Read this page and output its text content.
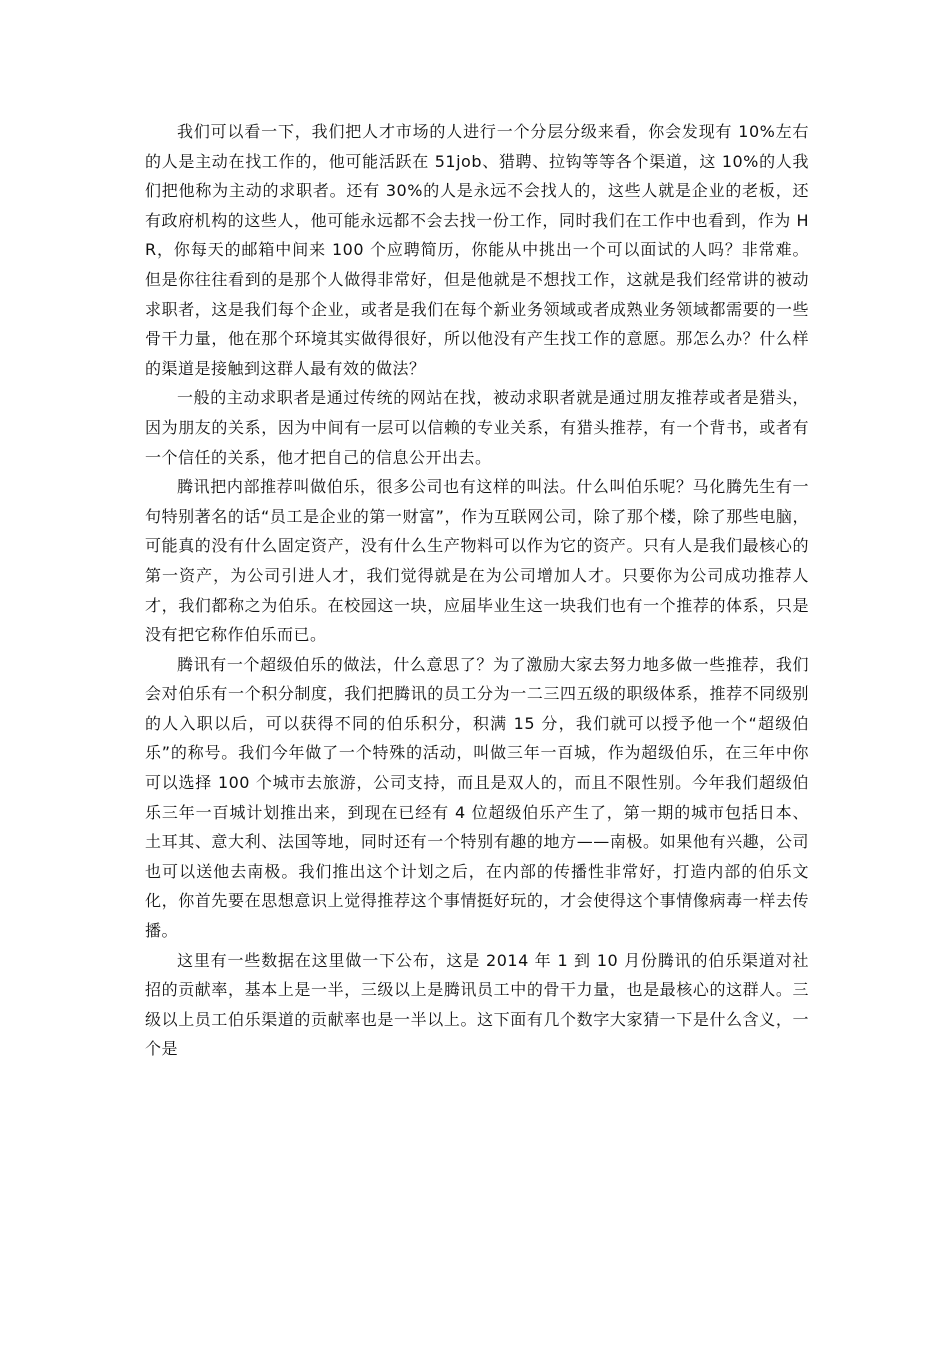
我们可以看一下，我们把人才市场的人进行一个分层分级来看，你会发现有 10%左右的人是主动在找工作的，他可能活跃在 51job、猎聘、拉钩等等各个渠道，这 10%的人我们把他称为主动的求职者。还有 30%的人是永远不会找人的，这些人就是企业的老板，还有政府机构的这些人，他可能永远都不会去找一份工作，同时我们在工作中也看到，作为 HR，你每天的邮箱中间来 100 个应聘简历，你能从中挑出一个可以面试的人吗？非常难。但是你往往看到的是那个人做得非常好，但是他就是不想找工作，这就是我们经常讲的被动求职者，这是我们每个企业，或者是我们在每个新业务领域或者成熟业务领域都需要的一些骨干力量，他在那个环境其实做得很好，所以他没有产生找工作的意愿。那怎么办？什么样的渠道是接触到这群人最有效的做法？

一般的主动求职者是通过传统的网站在找，被动求职者就是通过朋友推荐或者是猎头，因为朋友的关系，因为中间有一层可以信赖的专业关系，有猎头推荐，有一个背书，或者有一个信任的关系，他才把自己的信息公开出去。

腾讯把内部推荐叫做伯乐，很多公司也有这样的叫法。什么叫伯乐呢？马化腾先生有一句特别著名的话“员工是企业的第一财富”，作为互联网公司，除了那个楼，除了那些电脑，可能真的没有什么固定资产，没有什么生产物料可以作为它的资产。只有人是我们最核心的第一资产，为公司引进人才，我们觉得就是在为公司增加人才。只要你为公司成功推荐人才，我们都称之为伯乐。在校园这一块，应届毕业生这一块我们也有一个推荐的体系，只是没有把它称作伯乐而已。

腾讯有一个超级伯乐的做法，什么意思了？为了激励大家去努力地多做一些推荐，我们会对伯乐有一个积分制度，我们把腾讯的员工分为一二三四五级的职级体系，推荐不同级别的人入职以后，可以获得不同的伯乐积分，积满 15 分，我们就可以授予他一个“超级伯乐”的称号。我们今年做了一个特殊的活动，叫做三年一百城，作为超级伯乐，在三年中你可以选择 100 个城市去旅游，公司支持，而且是双人的，而且不限性别。今年我们超级伯乐三年一百城计划推出来，到现在已经有 4 位超级伯乐产生了，第一期的城市包括日本、土耳其、意大利、法国等地，同时还有一个特别有趣的地方——南极。如果他有兴趣，公司也可以送他去南极。我们推出这个计划之后，在内部的传播性非常好，打造内部的伯乐文化，你首先要在思想意识上觉得推荐这个事情挺好玩的，才会使得这个事情像病毒一样去传播。

这里有一些数据在这里做一下公布，这是 2014 年 1 到 10 月份腾讯的伯乐渠道对社招的贡献率，基本上是一半，三级以上是腾讯员工中的骨干力量，也是最核心的这群人。三级以上员工伯乐渠道的贡献率也是一半以上。这下面有几个数字大家猜一下是什么含义，一个是
